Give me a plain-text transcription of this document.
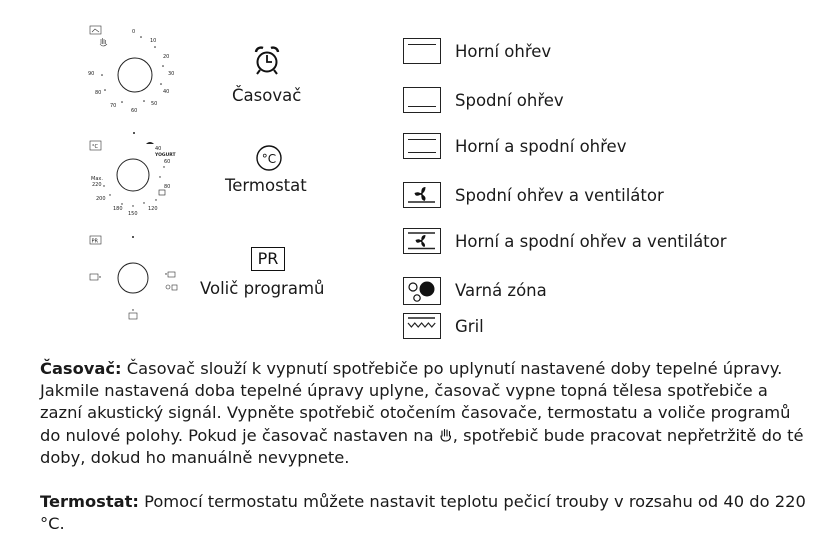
0
10
20
30
40
50
60
70
80
90
°C	40
YOGURT
60
80
120
150
180
200
220
Max.
PR
Časovač
°C
Termostat
PR
Volič programů
Horní ohřev
Spodní ohřev
Horní a spodní ohřev
Spodní ohřev a ventilátor
Horní a spodní ohřev a ventilátor
Varná zóna
Gril
Časovač: Časovač slouží k vypnutí spotřebiče po uplynutí nastavené doby tepelné úpravy. Jakmile nastavená doba tepelné úpravy uplyne, časovač vypne topná tělesa spotřebiče a zazní akustický signál. Vypněte spotřebič otočením časovače, termostatu a voliče programů do nulové polohy. Pokud je časovač nastaven na , spotřebič bude pracovat nepřetržitě do té doby, dokud ho manuálně nevypnete.
Termostat: Pomocí termostatu můžete nastavit teplotu pečicí trouby v rozsahu od 40 do 220 °C.
